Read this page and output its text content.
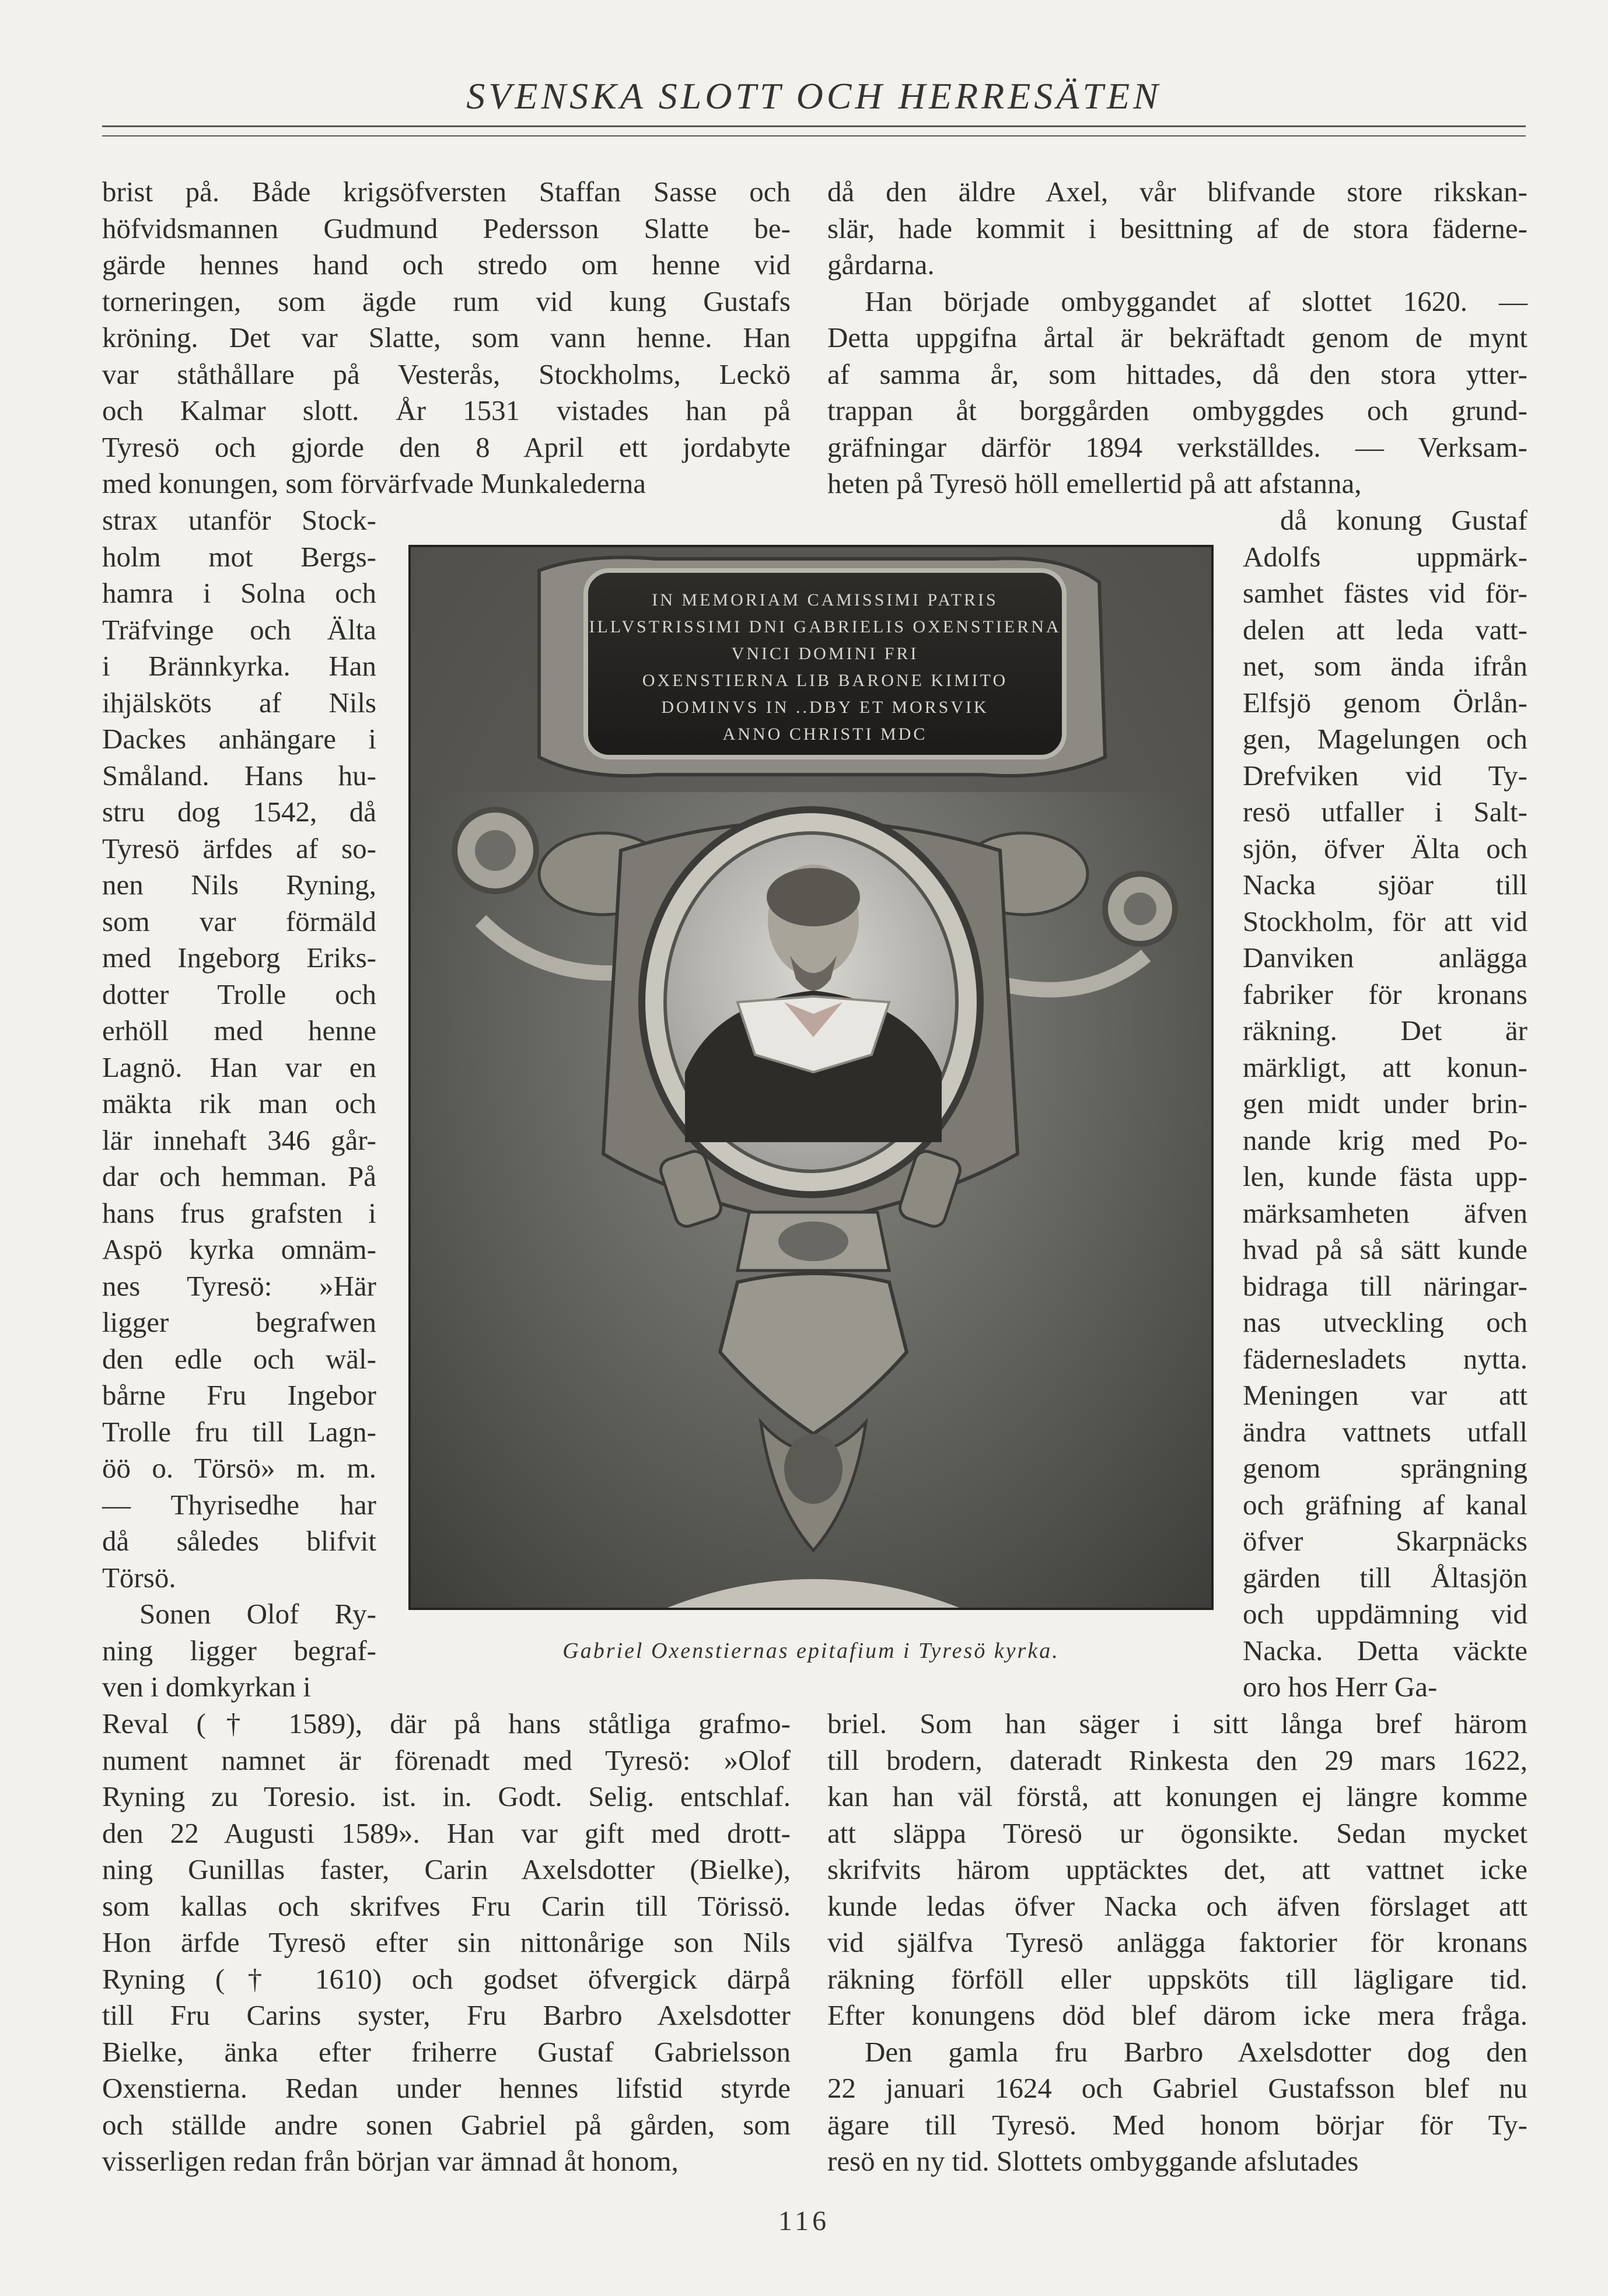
SVENSKA SLOTT OCH HERRESÄTEN

brist på. Både krigsöfversten Staffan Sasse och

höfvidsmannen Gudmund Pedersson Slatte be-

gärde hennes hand och stredo om henne vid

torneringen, som ägde rum vid kung Gustafs

kröning. Det var Slatte, som vann henne. Han

var ståthållare på Vesterås, Stockholms, Leckö

och Kalmar slott. År 1531 vistades han på

Tyresö och gjorde den 8 April ett jordabyte

med konungen, som förvärfvade Munkalederna

strax utanför Stock-

holm mot Bergs-

hamra i Solna och

Träfvinge och Älta

i Brännkyrka. Han

ihjälsköts af Nils

Dackes anhängare i

Småland. Hans hu-

stru dog 1542, då

Tyresö ärfdes af so-

nen Nils Ryning,

som var förmäld

med Ingeborg Eriks-

dotter Trolle och

erhöll med henne

Lagnö. Han var en

mäkta rik man och

lär innehaft 346 går-

dar och hemman. På

hans frus grafsten i

Aspö kyrka omnäm-

nes Tyresö: »Här

ligger begrafwen

den edle och wäl-

bårne Fru Ingebor

Trolle fru till Lagn-

öö o. Törsö» m. m.

— Thyrisedhe har

då således blifvit

Törsö.

Sonen Olof Ry-

ning ligger begraf-

ven i domkyrkan i

Reval († 1589), där på hans ståtliga grafmo-

nument namnet är förenadt med Tyresö: »Olof

Ryning zu Toresio. ist. in. Godt. Selig. entschlaf.

den 22 Augusti 1589». Han var gift med drott-

ning Gunillas faster, Carin Axelsdotter (Bielke),

som kallas och skrifves Fru Carin till Törissö.

Hon ärfde Tyresö efter sin nittonårige son Nils

Ryning († 1610) och godset öfvergick därpå

till Fru Carins syster, Fru Barbro Axelsdotter

Bielke, änka efter friherre Gustaf Gabrielsson

Oxenstierna. Redan under hennes lifstid styrde

och ställde andre sonen Gabriel på gården, som

visserligen redan från början var ämnad åt honom,

då den äldre Axel, vår blifvande store rikskan-

slär, hade kommit i besittning af de stora fäderne-

gårdarna.

Han började ombyggandet af slottet 1620. —

Detta uppgifna årtal är bekräftadt genom de mynt

af samma år, som hittades, då den stora ytter-

trappan åt borggården ombyggdes och grund-

gräfningar därför 1894 verkställdes. — Verksam-

heten på Tyresö höll emellertid på att afstanna,

då konung Gustaf

Adolfs uppmärk-

samhet fästes vid för-

delen att leda vatt-

net, som ända ifrån

Elfsjö genom Örlån-

gen, Magelungen och

Drefviken vid Ty-

resö utfaller i Salt-

sjön, öfver Älta och

Nacka sjöar till

Stockholm, för att vid

Danviken anlägga

fabriker för kronans

räkning. Det är

märkligt, att konun-

gen midt under brin-

nande krig med Po-

len, kunde fästa upp-

märksamheten äfven

hvad på så sätt kunde

bidraga till näringar-

nas utveckling och

fädernesladets nytta.

Meningen var att

ändra vattnets utfall

genom sprängning

och gräfning af kanal

öfver Skarpnäcks

gärden till Åltasjön

och uppdämning vid

Nacka. Detta väckte

oro hos Herr Ga-

briel. Som han säger i sitt långa bref härom

till brodern, dateradt Rinkesta den 29 mars 1622,

kan han väl förstå, att konungen ej längre komme

att släppa Töresö ur ögonsikte. Sedan mycket

skrifvits härom upptäcktes det, att vattnet icke

kunde ledas öfver Nacka och äfven förslaget att

vid själfva Tyresö anlägga faktorier för kronans

räkning förföll eller uppsköts till lägligare tid.

Efter konungens död blef därom icke mera fråga.

Den gamla fru Barbro Axelsdotter dog den

22 januari 1624 och Gabriel Gustafsson blef nu

ägare till Tyresö. Med honom börjar för Ty-

resö en ny tid. Slottets ombyggande afslutades

IN MEMORIAM CAMISSIMI PATRIS
ILLVSTRISSIMI DNI GABRIELIS OXENSTIERNA
VNICI DOMINI FRI
OXENSTIERNA LIB BARONE KIMITO
DOMINVS IN ..DBY ET MORSVIK
ANNO CHRISTI MDC
Gabriel Oxenstiernas epitafium i Tyresö kyrka.
116
